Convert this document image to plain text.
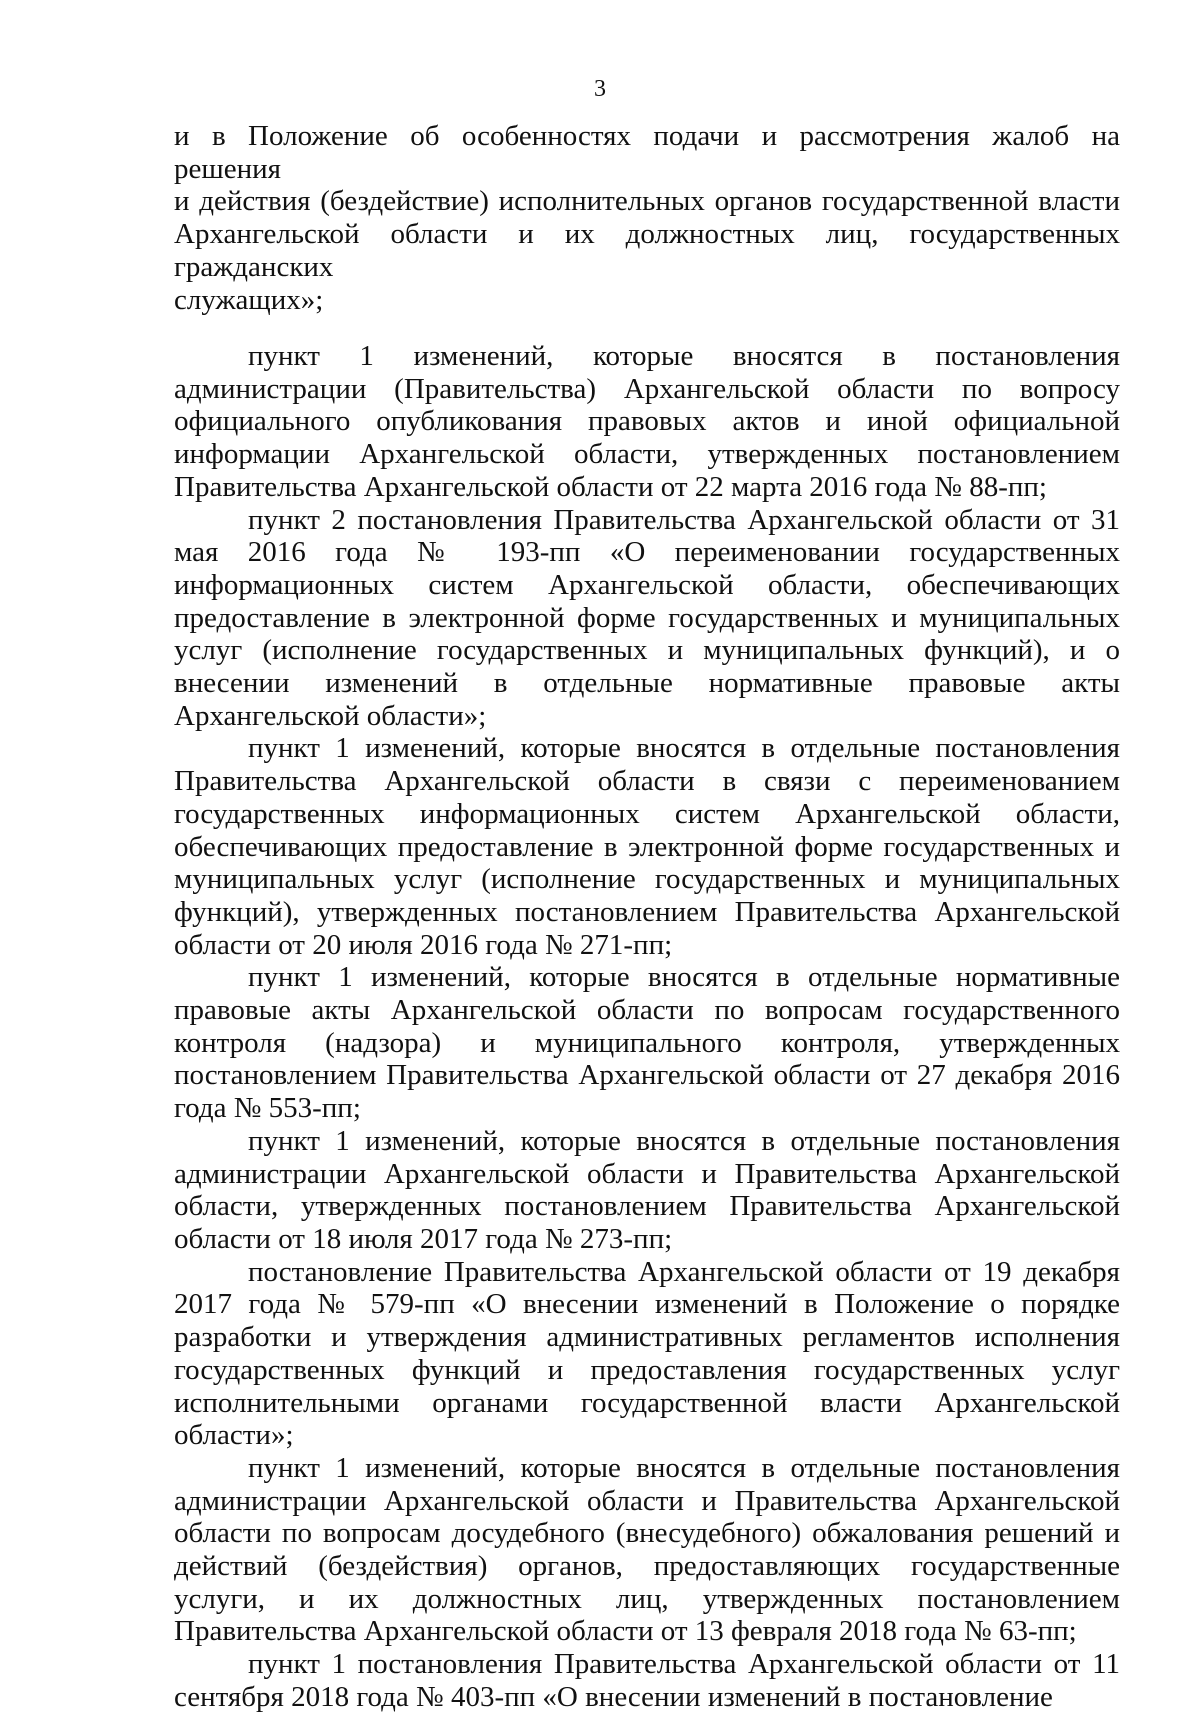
3
и в Положение об особенностях подачи и рассмотрения жалоб на
решения
и действия (бездействие) исполнительных органов государственной власти
Архангельской области и их должностных лиц, государственных гражданских
служащих»;

пункт 1 изменений, которые вносятся в постановления администрации (Правительства) Архангельской области по вопросу официального опубликования правовых актов и иной официальной информации Архангельской области, утвержденных постановлением Правительства Архангельской области от 22 марта 2016 года № 88-пп;

пункт 2 постановления Правительства Архангельской области от 31 мая 2016 года № 193-пп «О переименовании государственных информационных систем Архангельской области, обеспечивающих предоставление в электронной форме государственных и муниципальных услуг (исполнение государственных и муниципальных функций), и о внесении изменений в отдельные нормативные правовые акты Архангельской области»;

пункт 1 изменений, которые вносятся в отдельные постановления Правительства Архангельской области в связи с переименованием государственных информационных систем Архангельской области, обеспечивающих предоставление в электронной форме государственных и муниципальных услуг (исполнение государственных и муниципальных функций), утвержденных постановлением Правительства Архангельской области от 20 июля 2016 года № 271-пп;

пункт 1 изменений, которые вносятся в отдельные нормативные правовые акты Архангельской области по вопросам государственного контроля (надзора) и муниципального контроля, утвержденных постановлением Правительства Архангельской области от 27 декабря 2016 года № 553-пп;

пункт 1 изменений, которые вносятся в отдельные постановления администрации Архангельской области и Правительства Архангельской области, утвержденных постановлением Правительства Архангельской области от 18 июля 2017 года № 273-пп;

постановление Правительства Архангельской области от 19 декабря 2017 года № 579-пп «О внесении изменений в Положение о порядке разработки и утверждения административных регламентов исполнения государственных функций и предоставления государственных услуг исполнительными органами государственной власти Архангельской области»;

пункт 1 изменений, которые вносятся в отдельные постановления администрации Архангельской области и Правительства Архангельской области по вопросам досудебного (внесудебного) обжалования решений и действий (бездействия) органов, предоставляющих государственные услуги, и их должностных лиц, утвержденных постановлением Правительства Архангельской области от 13 февраля 2018 года № 63-пп;

пункт 1 постановления Правительства Архангельской области от 11 сентября 2018 года № 403-пп «О внесении изменений в постановление
